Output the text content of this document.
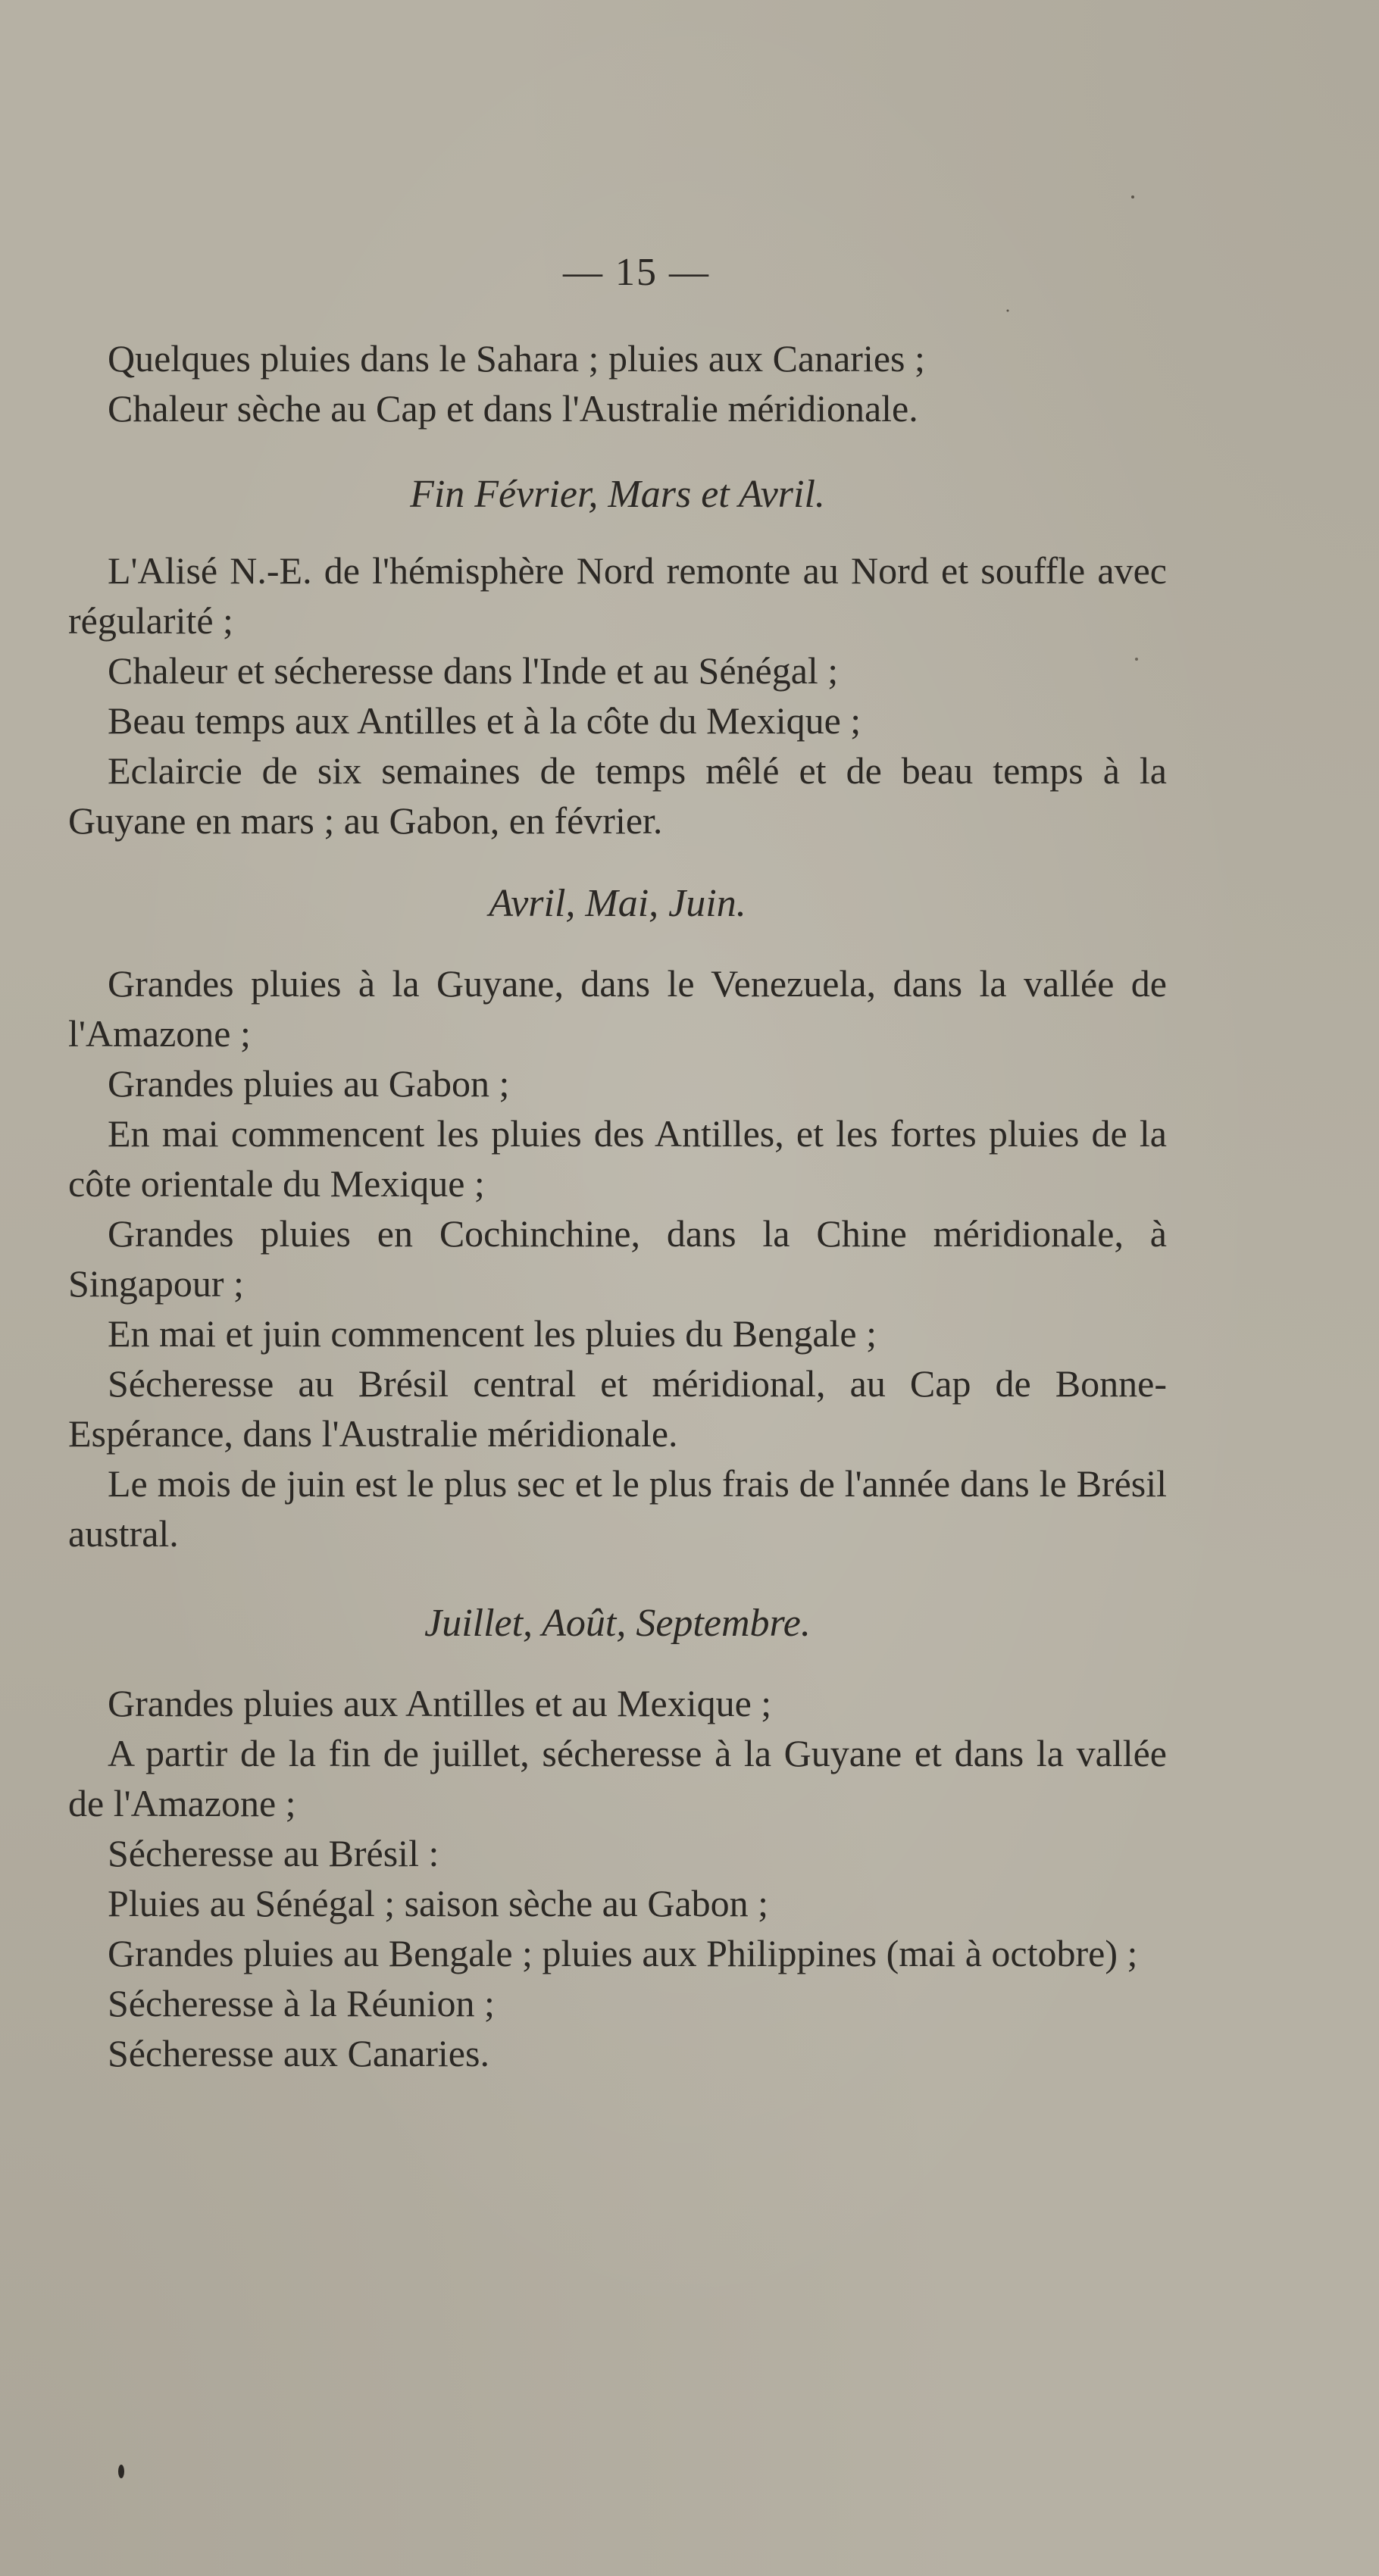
— 15 —

Quelques pluies dans le Sahara ; pluies aux Canaries ;

Chaleur sèche au Cap et dans l'Australie méridionale.

Fin Février, Mars et Avril.

L'Alisé N.-E. de l'hémisphère Nord remonte au Nord et souffle avec régularité ;

Chaleur et sécheresse dans l'Inde et au Sénégal ;

Beau temps aux Antilles et à la côte du Mexique ;

Eclaircie de six semaines de temps mêlé et de beau temps à la Guyane en mars ; au Gabon, en février.

Avril, Mai, Juin.

Grandes pluies à la Guyane, dans le Venezuela, dans la vallée de l'Amazone ;

Grandes pluies au Gabon ;

En mai commencent les pluies des Antilles, et les fortes pluies de la côte orientale du Mexique ;

Grandes pluies en Cochinchine, dans la Chine méridionale, à Singapour ;

En mai et juin commencent les pluies du Bengale ;

Sécheresse au Brésil central et méridional, au Cap de Bonne-Espérance, dans l'Australie méridionale.

Le mois de juin est le plus sec et le plus frais de l'année dans le Brésil austral.

Juillet, Août, Septembre.

Grandes pluies aux Antilles et au Mexique ;

A partir de la fin de juillet, sécheresse à la Guyane et dans la vallée de l'Amazone ;

Sécheresse au Brésil :

Pluies au Sénégal ; saison sèche au Gabon ;

Grandes pluies au Bengale ; pluies aux Philippines (mai à octobre) ;

Sécheresse à la Réunion ;

Sécheresse aux Canaries.
